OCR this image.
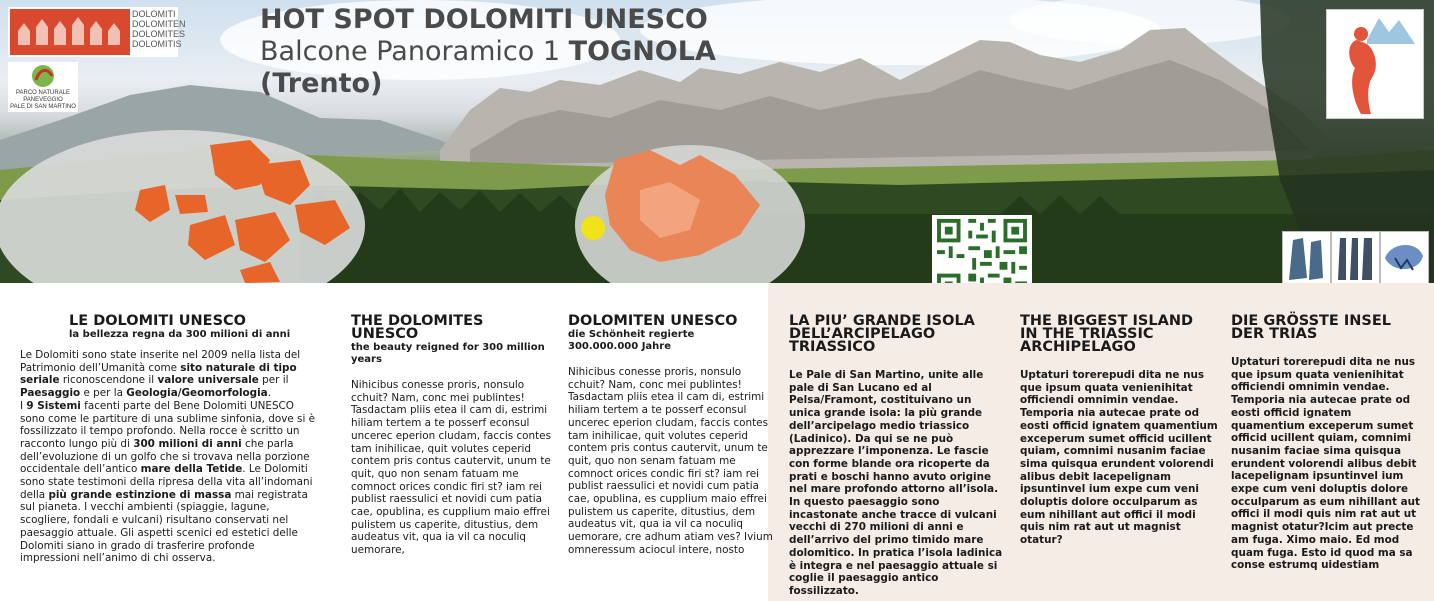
DOLOMITI
DOLOMITEN
DOLOMITES
DOLOMITIS
PARCO NATURALE
PANEVEGGIO
PALE DI SAN MARTINO
HOT SPOT DOLOMITI UNESCO
Balcone Panoramico 1 TOGNOLA
(Trento)
LE DOLOMITI UNESCO
la bellezza regna da 300 milioni di anni

Le Dolomiti sono state inserite nel 2009 nella lista del Patrimonio dell’Umanità come sito naturale di tipo seriale riconoscendone il valore universale per il Paesaggio e per la Geologia/Geomorfologia.

I 9 Sistemi facenti parte del Bene Dolomiti UNESCO sono come le partiture di una sublime sinfonia, dove si è fossilizzato il tempo profondo. Nella rocce è scritto un racconto lungo più di 300 milioni di anni che parla dell’evoluzione di un golfo che si trovava nella porzione occidentale dell’antico mare della Tetide. Le Dolomiti sono state testimoni della ripresa della vita all’indomani della più grande estinzione di massa mai registrata sul pianeta. I vecchi ambienti (spiaggie, lagune, scogliere, fondali e vulcani) risultano conservati nel paesaggio attuale. Gli aspetti scenici ed estetici delle Dolomiti siano in grado di trasferire profonde impressioni nell’animo di chi osserva.

THE DOLOMITES UNESCO
the beauty reigned for 300 million years

Nihicibus conesse proris, nonsulo cchuit? Nam, conc mei publintes! Tasdactam pliis etea il cam di, estrimi hiliam tertem a te posserf econsul uncerec eperion cludam, faccis contes tam inihilicae, quit volutes ceperid contem pris contus cautervit, unum te quit, quo non senam fatuam me comnoct orices condic firi st? iam rei publist raessulici et novidi cum patia cae, opublina, es cupplium maio effrei pulistem us caperite, ditustius, dem audeatus vit, qua ia vil ca noculiq uemorare,

DOLOMITEN UNESCO
die Schönheit regierte 300.000.000 Jahre

Nihicibus conesse proris, nonsulo cchuit? Nam, conc mei publintes! Tasdactam pliis etea il cam di, estrimi hiliam tertem a te posserf econsul uncerec eperion cludam, faccis contes tam inihilicae, quit volutes ceperid contem pris contus cautervit, unum te quit, quo non senam fatuam me comnoct orices condic firi st? iam rei publist raessulici et novidi cum patia cae, opublina, es cupplium maio effrei pulistem us caperite, ditustius, dem audeatus vit, qua ia vil ca noculiq uemorare, cre adhum atiam ves? Ivium omneressum aciocul intere, nosto

LA PIU’ GRANDE ISOLA DELL’ARCIPELAGO TRIASSICO

Le Pale di San Martino, unite alle pale di San Lucano ed al Pelsa/Framont, costituivano un unica grande isola: la più grande dell’arcipelago medio triassico (Ladinico). Da qui se ne può apprezzare l’imponenza. Le fascie con forme blande ora ricoperte da prati e boschi hanno avuto origine nel mare profondo attorno all’isola. In questo paesaggio sono incastonate anche tracce di vulcani vecchi di 270 milioni di anni e dell’arrivo del primo timido mare dolomitico. In pratica l’isola ladinica è integra e nel paesaggio attuale si coglie il paesaggio antico fossilizzato.

THE BIGGEST ISLAND IN THE TRIASSIC ARCHIPELAGO

Uptaturi torerepudi dita ne nus que ipsum quata venienihitat officiendi omnimin vendae. Temporia nia autecae prate od eosti officid ignatem quamentium exceperum sumet officid ucillent quiam, comnimi nusanim faciae sima quisqua erundent volorendi alibus debit lacepelignam ipsuntinvel ium expe cum veni doluptis dolore occulparum as eum nihillant aut offici il modi quis nim rat aut ut magnist otatur?

DIE GRÖSSTE INSEL DER TRIAS

Uptaturi torerepudi dita ne nus que ipsum quata venienihitat officiendi omnimin vendae. Temporia nia autecae prate od eosti officid ignatem quamentium exceperum sumet officid ucillent quiam, comnimi nusanim faciae sima quisqua erundent volorendi alibus debit lacepelignam ipsuntinvel ium expe cum veni doluptis dolore occulparum as eum nihillant aut offici il modi quis nim rat aut ut magnist otatur?Icim aut precte am fuga. Ximo maio. Ed mod quam fuga. Esto id quod ma sa conse estrumq uidestiam
